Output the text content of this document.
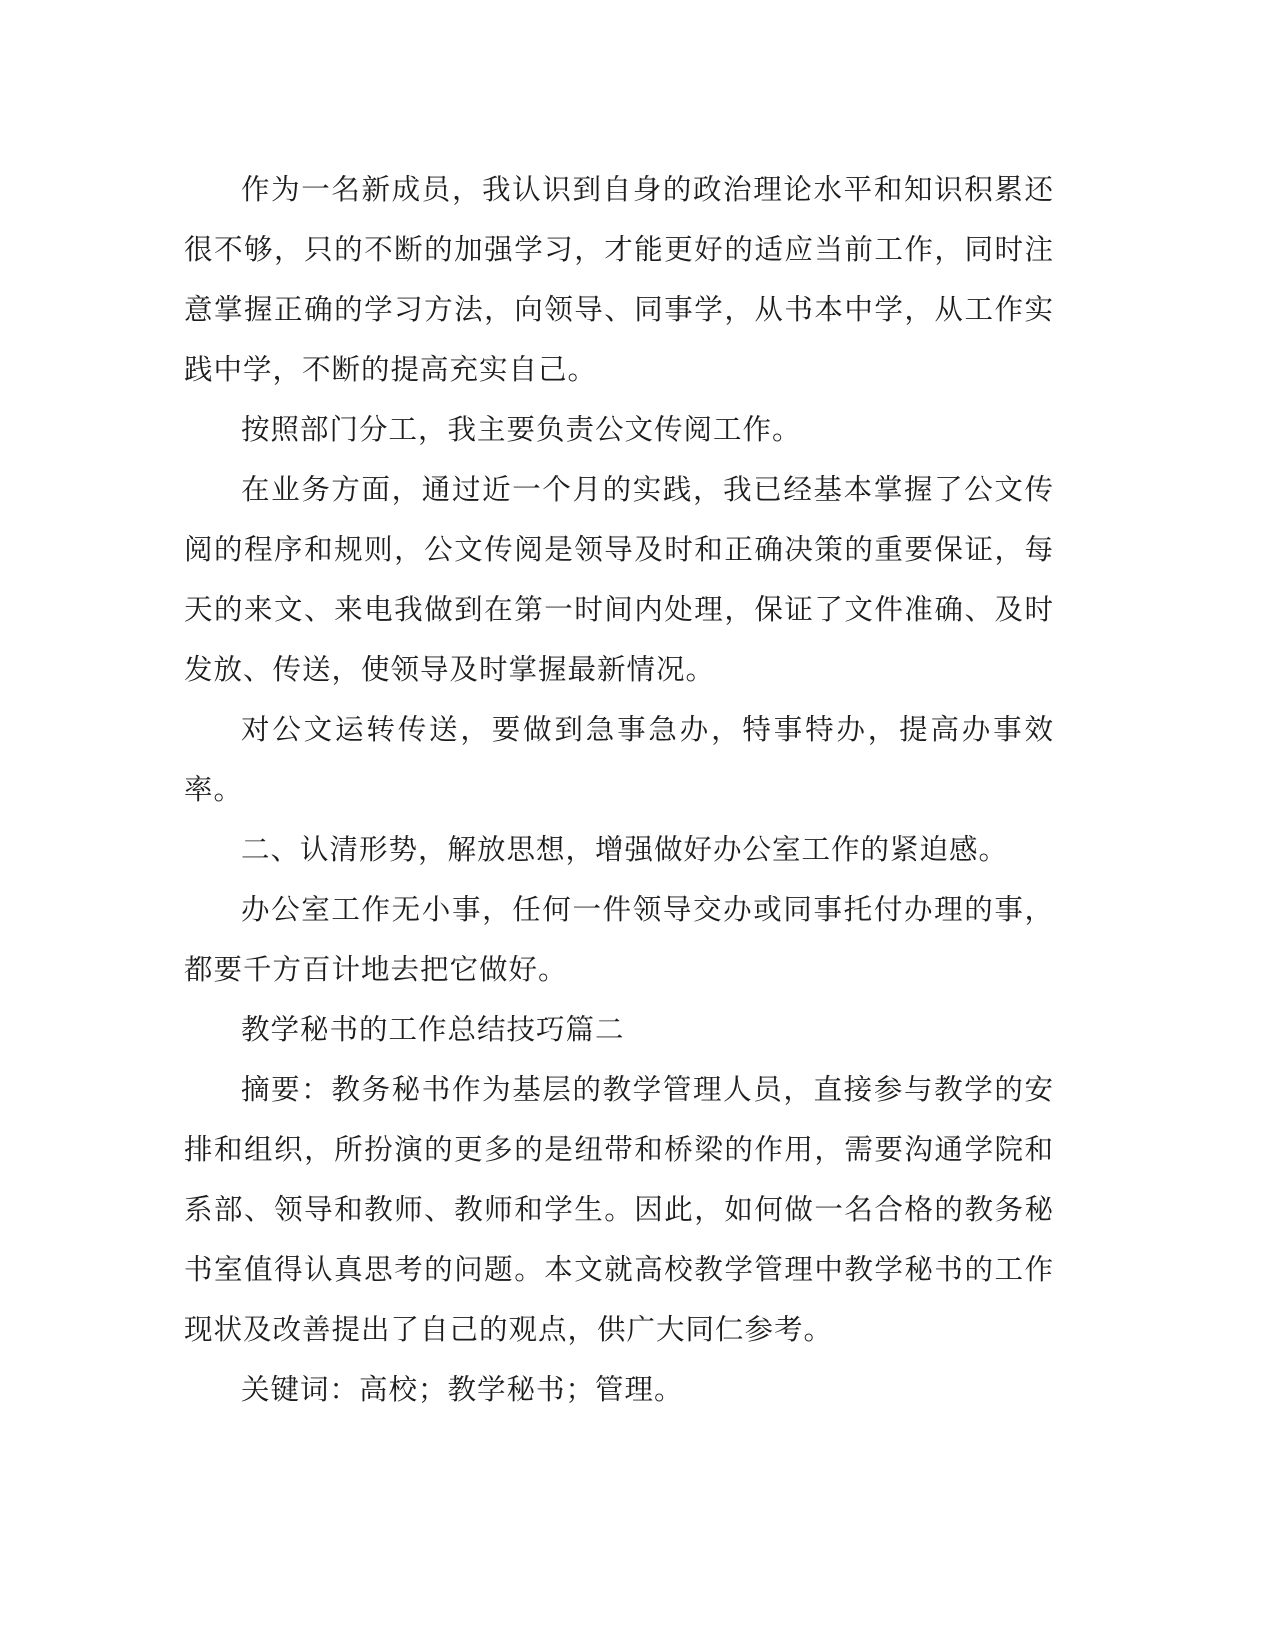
作为一名新成员，我认识到自身的政治理论水平和知识积累还很不够，只的不断的加强学习，才能更好的适应当前工作，同时注意掌握正确的学习方法，向领导、同事学，从书本中学，从工作实践中学，不断的提高充实自己。

按照部门分工，我主要负责公文传阅工作。

在业务方面，通过近一个月的实践，我已经基本掌握了公文传阅的程序和规则，公文传阅是领导及时和正确决策的重要保证，每天的来文、来电我做到在第一时间内处理，保证了文件准确、及时发放、传送，使领导及时掌握最新情况。

对公文运转传送，要做到急事急办，特事特办，提高办事效率。

二、认清形势，解放思想，增强做好办公室工作的紧迫感。

办公室工作无小事，任何一件领导交办或同事托付办理的事，都要千方百计地去把它做好。

教学秘书的工作总结技巧篇二

摘要：教务秘书作为基层的教学管理人员，直接参与教学的安排和组织，所扮演的更多的是纽带和桥梁的作用，需要沟通学院和系部、领导和教师、教师和学生。因此，如何做一名合格的教务秘书室值得认真思考的问题。本文就高校教学管理中教学秘书的工作现状及改善提出了自己的观点，供广大同仁参考。

关键词：高校；教学秘书；管理。
